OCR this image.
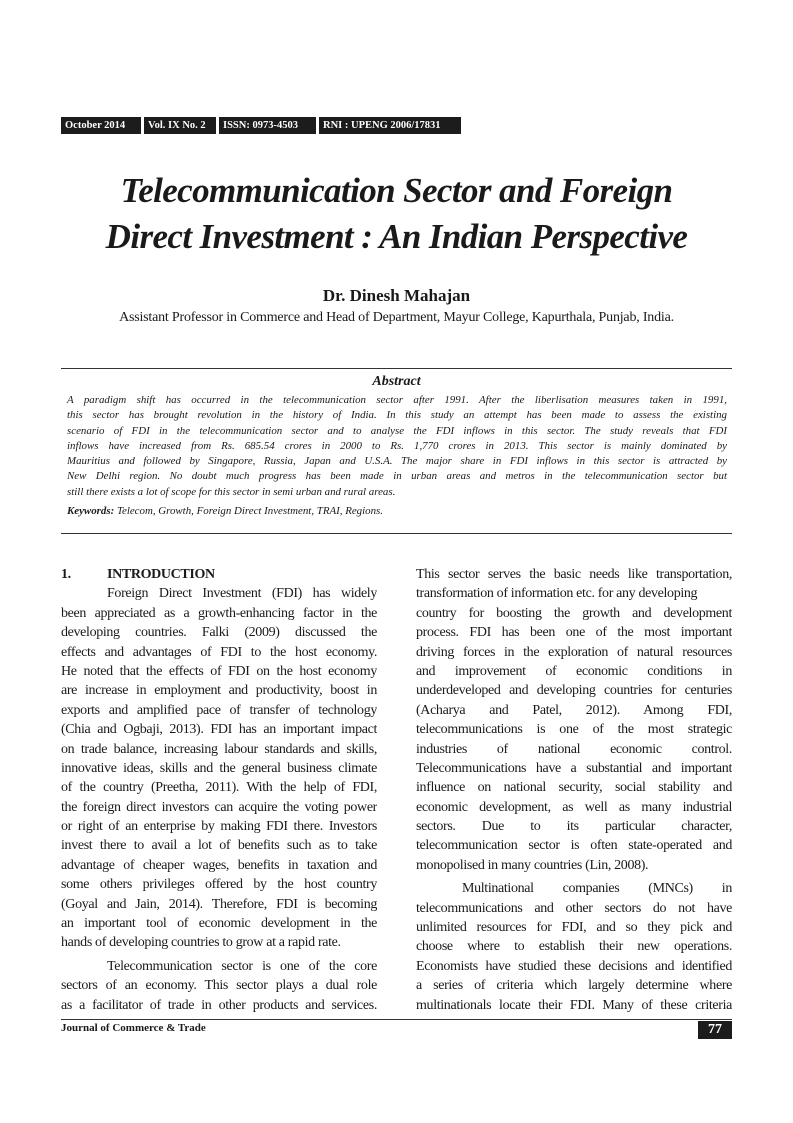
October 2014	Vol. IX No. 2	ISSN: 0973-4503	RNI : UPENG 2006/17831
Telecommunication Sector and Foreign
Direct Investment : An Indian Perspective
Dr. Dinesh Mahajan
Assistant Professor in Commerce and Head of Department, Mayur College, Kapurthala, Punjab, India.
Abstract
A paradigm shift has occurred in the telecommunication sector after 1991. After the liberlisation measures taken in 1991,
this sector has brought revolution in the history of India. In this study an attempt has been made to assess the existing
scenario of FDI in the telecommunication sector and to analyse the FDI inflows in this sector. The study reveals that FDI
inflows have increased from Rs. 685.54 crores in 2000 to Rs. 1,770 crores in 2013. This sector is mainly dominated by
Mauritius and followed by Singapore, Russia, Japan and U.S.A. The major share in FDI inflows in this sector is attracted by
New Delhi region. No doubt much progress has been made in urban areas and metros in the telecommunication sector but
still there exists a lot of scope for this sector in semi urban and rural areas.
Keywords: Telecom, Growth, Foreign Direct Investment, TRAI, Regions.
1.	INTRODUCTION
Foreign Direct Investment (FDI) has widely
been appreciated as a growth-enhancing factor in the
developing countries. Falki (2009) discussed the
effects and advantages of FDI to the host economy.
He noted that the effects of FDI on the host economy
are increase in employment and productivity, boost in
exports and amplified pace of transfer of technology
(Chia and Ogbaji, 2013). FDI has an important impact
on trade balance, increasing labour standards and skills,
innovative ideas, skills and the general business climate
of the country (Preetha, 2011). With the help of FDI,
the foreign direct investors can acquire the voting power
or right of an enterprise by making FDI there. Investors
invest there to avail a lot of benefits such as to take
advantage of cheaper wages, benefits in taxation and
some others privileges offered by the host country
(Goyal and Jain, 2014). Therefore, FDI is becoming
an important tool of economic development in the
hands of developing countries to grow at a rapid rate.
Telecommunication sector is one of the core
sectors of an economy. This sector plays a dual role
as a facilitator of trade in other products and services.
This sector serves the basic needs like transportation,
transformation of information etc. for any developing
country for boosting the growth and development
process. FDI has been one of the most important
driving forces in the exploration of natural resources
and improvement of economic conditions in
underdeveloped and developing countries for centuries
(Acharya and Patel, 2012). Among FDI,
telecommunications is one of the most strategic
industries of national economic control.
Telecommunications have a substantial and important
influence on national security, social stability and
economic development, as well as many industrial
sectors. Due to its particular character,
telecommunication sector is often state-operated and
monopolised in many countries (Lin, 2008).
Multinational companies (MNCs) in
telecommunications and other sectors do not have
unlimited resources for FDI, and so they pick and
choose where to establish their new operations.
Economists have studied these decisions and identified
a series of criteria which largely determine where
multinationals locate their FDI. Many of these criteria
Journal of Commerce & Trade	77
